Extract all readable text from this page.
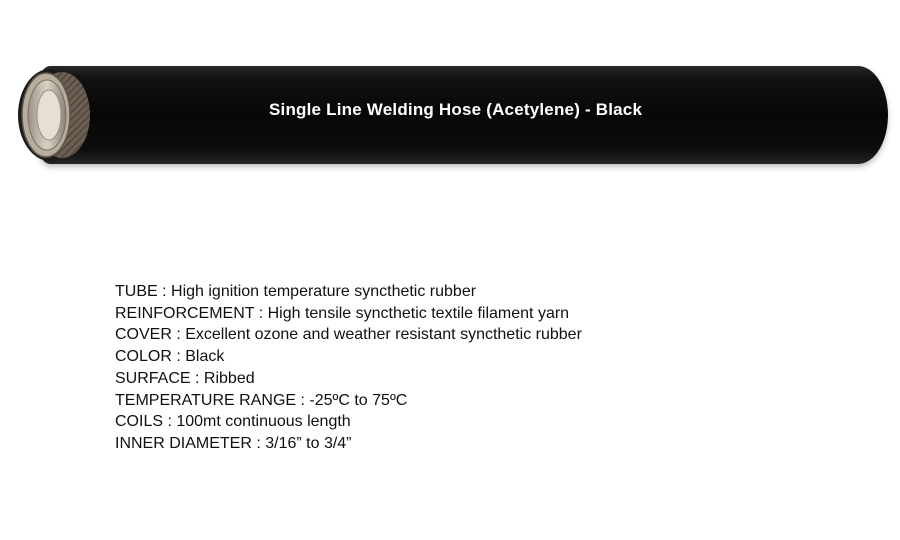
Single Line Welding Hose (Acetylene) - Black
TUBE : High ignition temperature syncthetic rubber
REINFORCEMENT : High tensile syncthetic textile filament yarn
COVER : Excellent ozone and weather resistant syncthetic rubber
COLOR : Black
SURFACE : Ribbed
TEMPERATURE RANGE : -25ºC to 75ºC
COILS : 100mt continuous length
INNER DIAMETER : 3/16” to 3/4”
